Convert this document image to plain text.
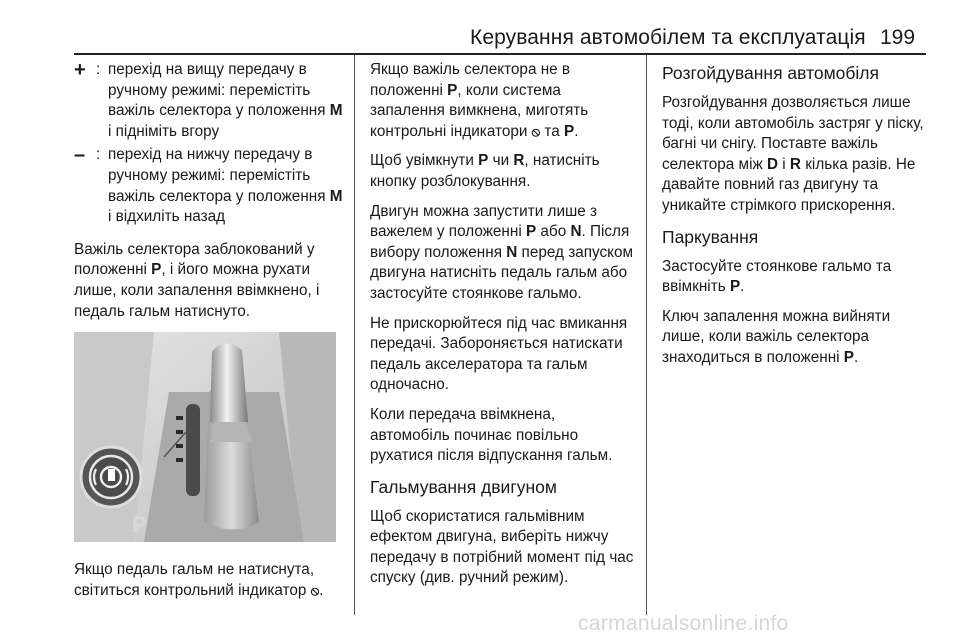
Керування автомобілем та експлуатація 199
+ : перехід на вищу передачу в ручному режимі: перемістіть важіль селектора у положення M і підніміть вгору
– : перехід на нижчу передачу в ручному режимі: перемістіть важіль селектора у положення M і відхиліть назад

Важіль селектора заблокований у положенні P, і його можна рухати лише, коли запалення ввімкнено, і педаль гальм натиснуто.

P

Якщо педаль гальм не натиснута, світиться контрольний індикатор ⦸.

Якщо важіль селектора не в положенні P, коли система запалення вимкнена, миготять контрольні індикатори ⦸ та P.

Щоб увімкнути P чи R, натисніть кнопку розблокування.

Двигун можна запустити лише з важелем у положенні P або N. Після вибору положення N перед запуском двигуна натисніть педаль гальм або застосуйте стоянкове гальмо.

Не прискорюйтеся під час вмикання передачі. Забороняється натискати педаль акселератора та гальм одночасно.

Коли передача ввімкнена, автомобіль починає повільно рухатися після відпускання гальм.

Гальмування двигуном

Щоб скористатися гальмівним ефектом двигуна, виберіть нижчу передачу в потрібний момент під час спуску (див. ручний режим).

Розгойдування автомобіля

Розгойдування дозволяється лише тоді, коли автомобіль застряг у піску, багні чи снігу. Поставте важіль селектора між D і R кілька разів. Не давайте повний газ двигуну та уникайте стрімкого прискорення.

Паркування

Застосуйте стоянкове гальмо та ввімкніть P.

Ключ запалення можна вийняти лише, коли важіль селектора знаходиться в положенні P.

carmanualsonline.info
